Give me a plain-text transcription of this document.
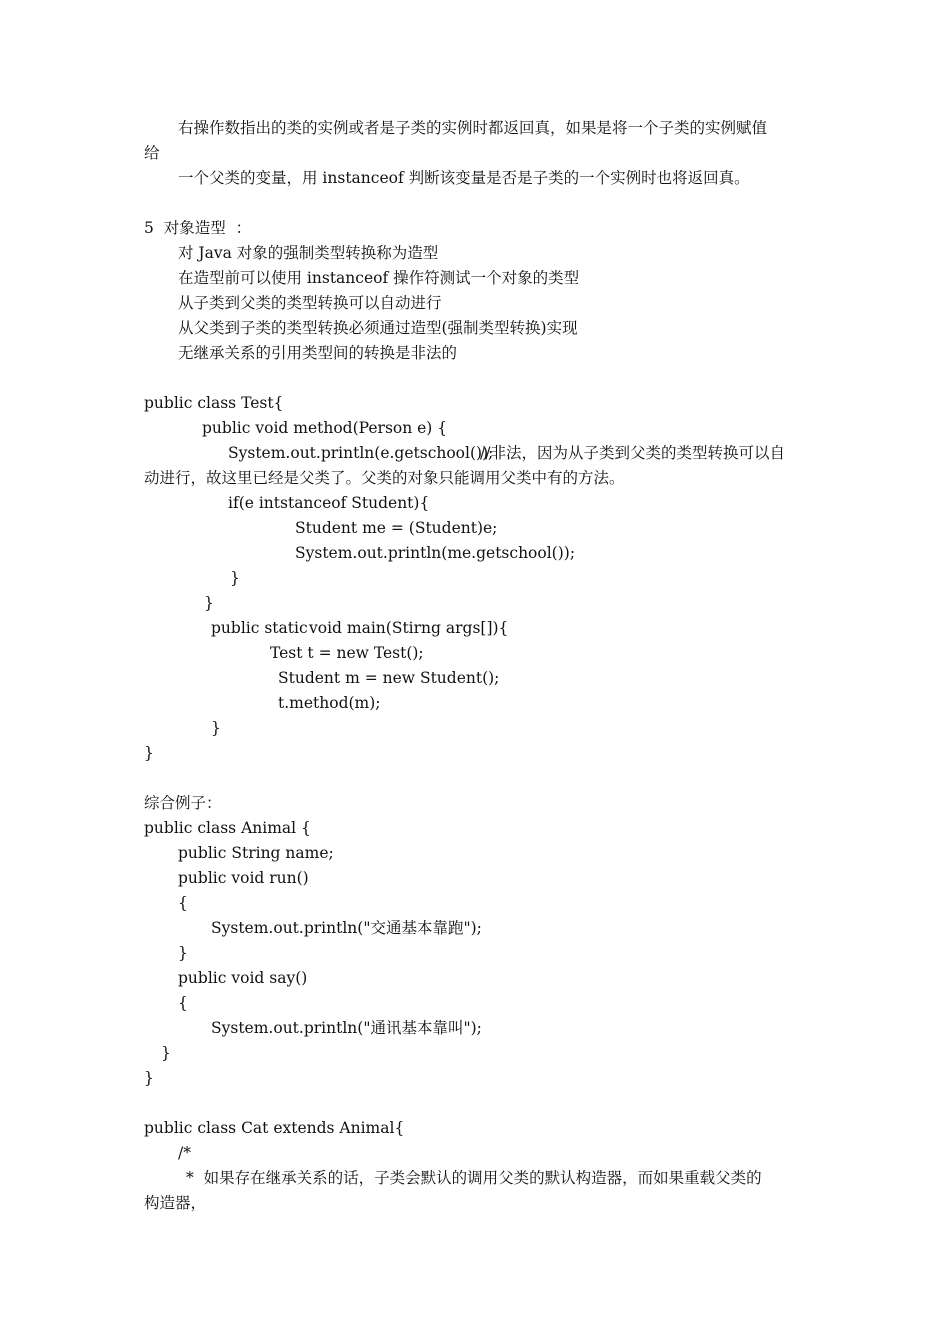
右操作数指出的类的实例或者是子类的实例时都返回真，如果是将一个子类的实例赋值
给
一个父类的变量，用 instanceof 判断该变量是否是子类的一个实例时也将返回真。
5  对象造型  ：
对 Java 对象的强制类型转换称为造型
在造型前可以使用 instanceof 操作符测试一个对象的类型
从子类到父类的类型转换可以自动进行
从父类到子类的类型转换必须通过造型(强制类型转换)实现
无继承关系的引用类型间的转换是非法的
public class Test{
public void method(Person e) {
System.out.println(e.getschool());
//非法，因为从子类到父类的类型转换可以自
动进行，故这里已经是父类了。父类的对象只能调用父类中有的方法。
if(e intstanceof Student){
Student me = (Student)e;
System.out.println(me.getschool());
}
}
public static void main(Stirng args[]){
Test t = new Test();
Student m = new Student();
t.method(m);
}
}
综合例子：
public class Animal {
public String name;
public void run()
{
System.out.println("交通基本靠跑");
}
public void say()
{
System.out.println("通讯基本靠叫");
}
}
public class Cat extends Animal{
/*
*  如果存在继承关系的话，子类会默认的调用父类的默认构造器，而如果重载父类的
构造器，
